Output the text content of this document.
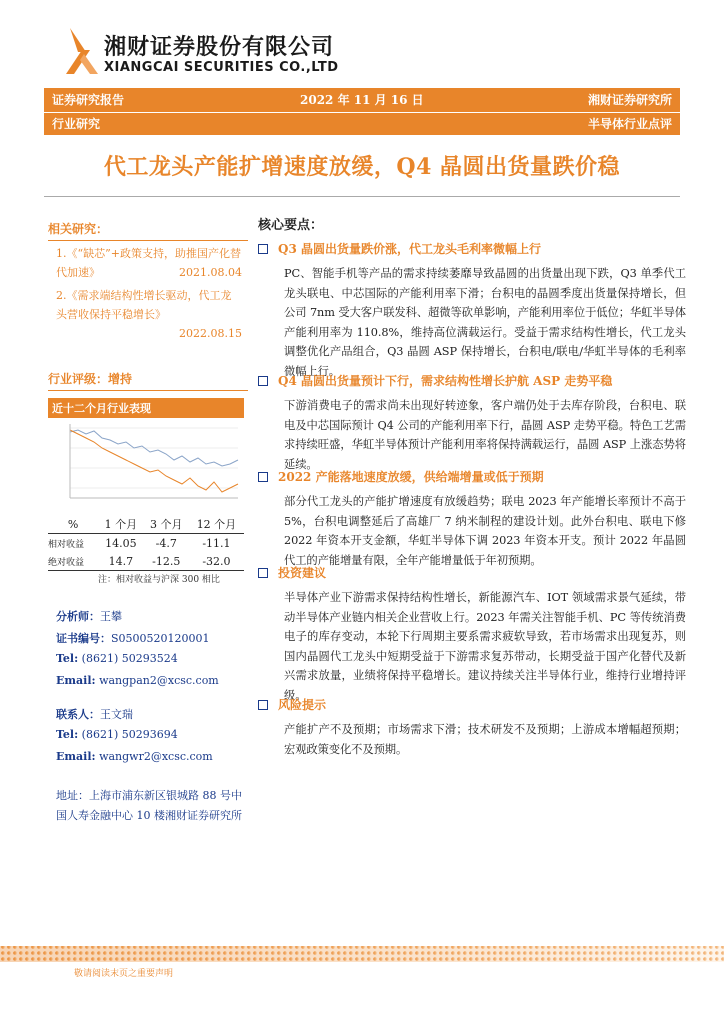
湘财证券股份有限公司
XIANGCAI SECURITIES CO.,LTD
证券研究报告	2022 年 11 月 16 日	湘财证券研究所
行业研究	半导体行业点评
代工龙头产能扩增速度放缓，Q4 晶圆出货量跌价稳
相关研究：
1.《“缺芯”+政策支持，助推国产化替代加速》	2021.08.04
2.《需求端结构性增长驱动，代工龙头营收保持平稳增长》
2022.08.15
行业评级：增持
近十二个月行业表现
%	1 个月	3 个月	12 个月
相对收益	14.05	-4.7	-11.1
绝对收益	14.7	-12.5	-32.0
注：相对收益与沪深 300 相比
分析师：王攀
证书编号：S0500520120001
Tel: (8621) 50293524
Email: wangpan2@xcsc.com
联系人：王文瑞
Tel: (8621) 50293694
Email: wangwr2@xcsc.com
地址：上海市浦东新区银城路 88 号中国人寿金融中心 10 楼湘财证券研究所
核心要点：
Q3 晶圆出货量跌价涨，代工龙头毛利率微幅上行
PC、智能手机等产品的需求持续萎靡导致晶圆的出货量出现下跌，Q3 单季代工龙头联电、中芯国际的产能利用率下滑；台积电的晶圆季度出货量保持增长，但公司 7nm 受大客户联发科、超微等砍单影响，产能利用率位于低位；华虹半导体产能利用率为 110.8%，维持高位满载运行。受益于需求结构性增长，代工龙头调整优化产品组合，Q3 晶圆 ASP 保持增长，台积电/联电/华虹半导体的毛利率微幅上行。
Q4 晶圆出货量预计下行，需求结构性增长护航 ASP 走势平稳
下游消费电子的需求尚未出现好转迹象，客户端仍处于去库存阶段，台积电、联电及中芯国际预计 Q4 公司的产能利用率下行，晶圆 ASP 走势平稳。特色工艺需求持续旺盛，华虹半导体预计产能利用率将保持满载运行，晶圆 ASP 上涨态势将延续。
2022 产能落地速度放缓，供给端增量或低于预期
部分代工龙头的产能扩增速度有放缓趋势；联电 2023 年产能增长率预计不高于 5%，台积电调整延后了高雄厂 7 纳米制程的建设计划。此外台积电、联电下修 2022 年资本开支金额，华虹半导体下调 2023 年资本开支。预计 2022 年晶圆代工的产能增量有限，全年产能增量低于年初预期。
投资建议
半导体产业下游需求保持结构性增长，新能源汽车、IOT 领域需求景气延续，带动半导体产业链内相关企业营收上行。2023 年需关注智能手机、PC 等传统消费电子的库存变动，本轮下行周期主要系需求疲软导致，若市场需求出现复苏，则国内晶圆代工龙头中短期受益于下游需求复苏带动，长期受益于国产化替代及新兴需求放量，业绩将保持平稳增长。建议持续关注半导体行业，维持行业增持评级。
风险提示
产能扩产不及预期；市场需求下滑；技术研发不及预期；上游成本增幅超预期；宏观政策变化不及预期。
敬请阅读末页之重要声明
